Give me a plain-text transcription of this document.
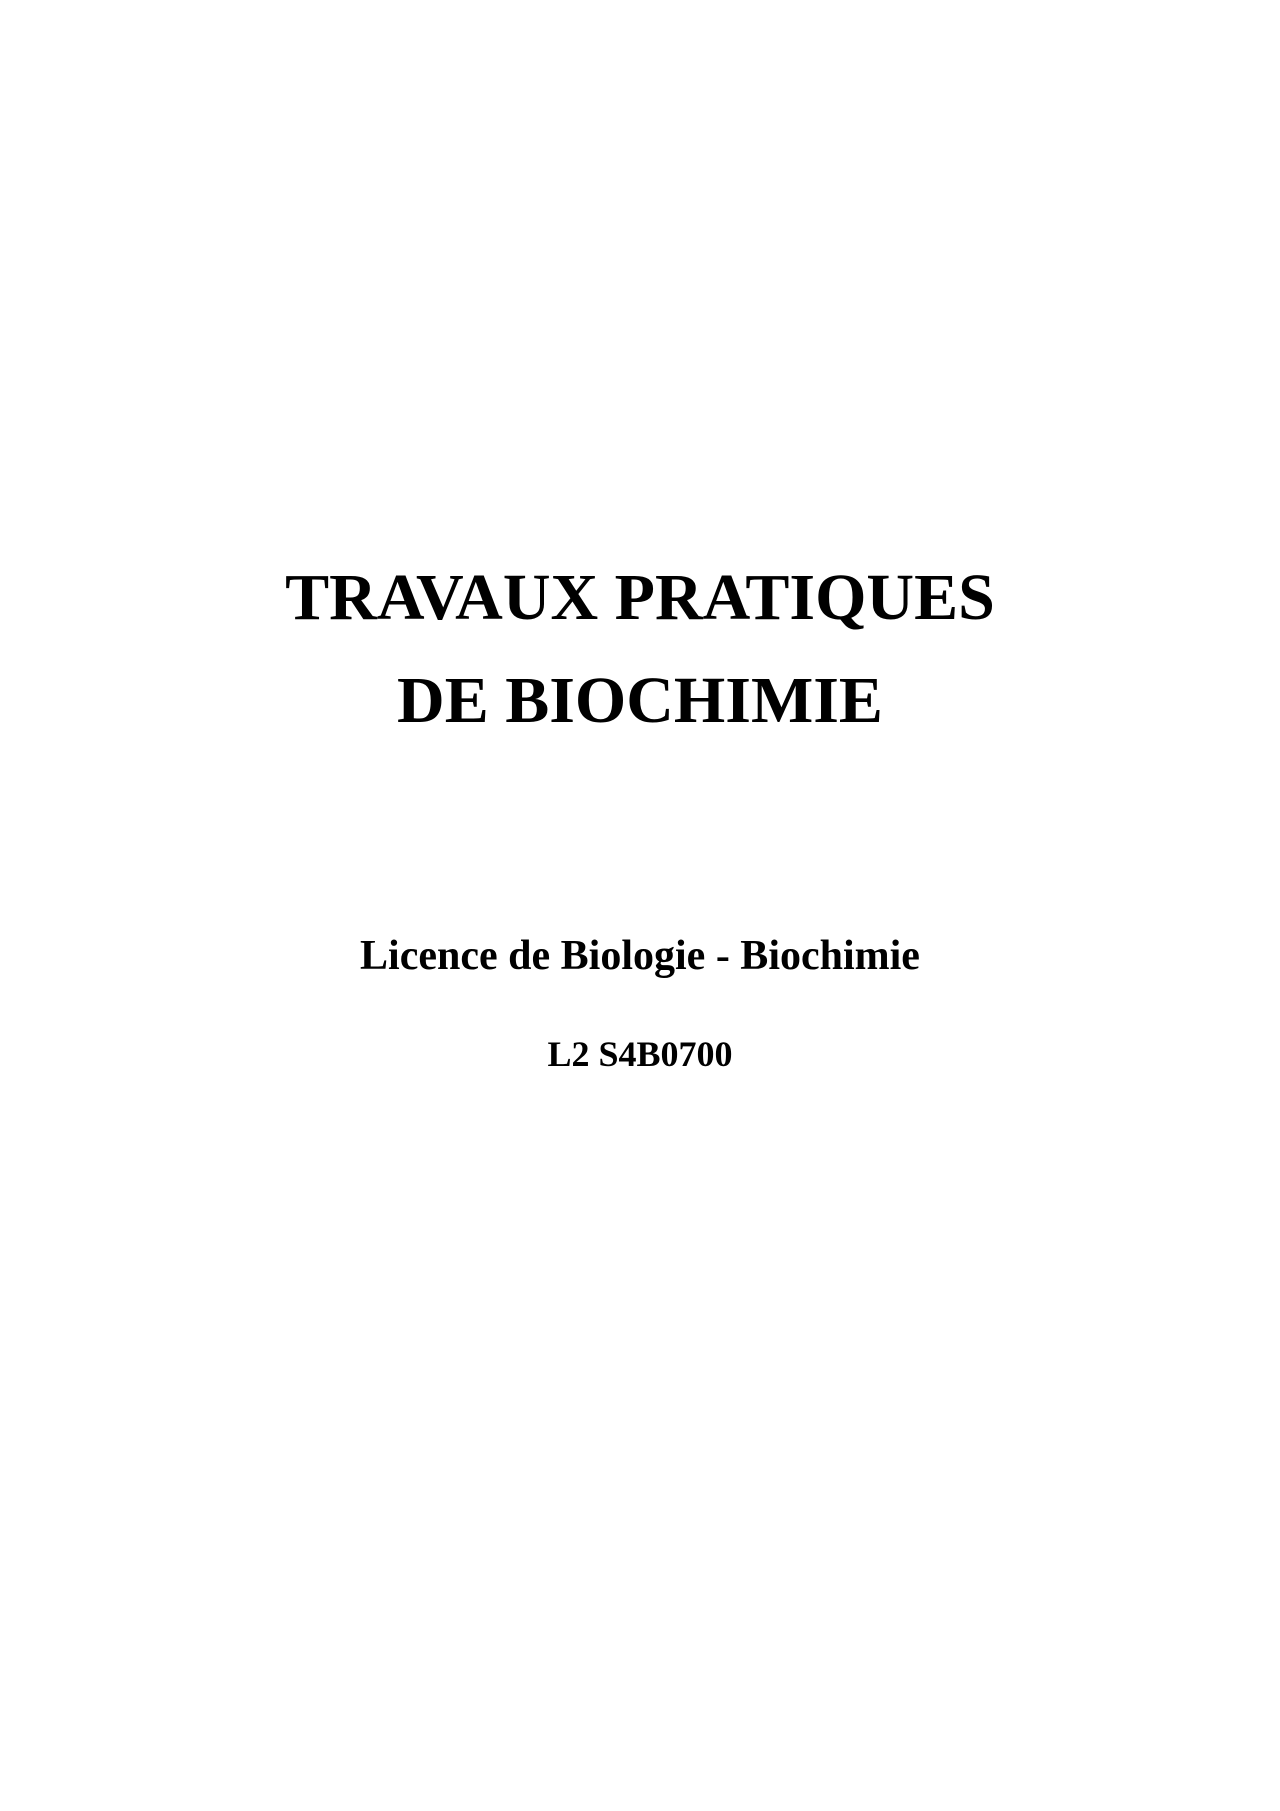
TRAVAUX PRATIQUES
DE BIOCHIMIE

Licence de Biologie - Biochimie

L2 S4B0700
